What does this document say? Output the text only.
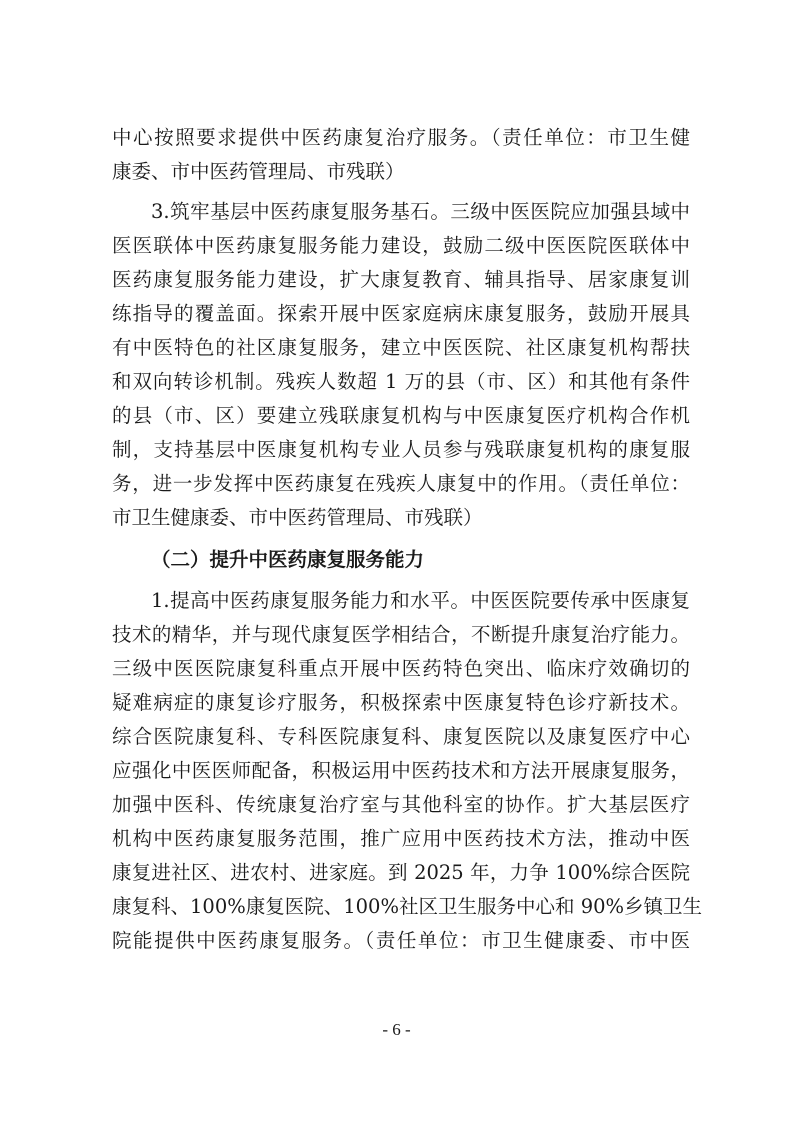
中心按照要求提供中医药康复治疗服务。（责任单位：市卫生健
康委、市中医药管理局、市残联）
3.筑牢基层中医药康复服务基石。三级中医医院应加强县域中
医医联体中医药康复服务能力建设，鼓励二级中医医院医联体中
医药康复服务能力建设，扩大康复教育、辅具指导、居家康复训
练指导的覆盖面。探索开展中医家庭病床康复服务，鼓励开展具
有中医特色的社区康复服务，建立中医医院、社区康复机构帮扶
和双向转诊机制。残疾人数超 1 万的县（市、区）和其他有条件
的县（市、区）要建立残联康复机构与中医康复医疗机构合作机
制，支持基层中医康复机构专业人员参与残联康复机构的康复服
务，进一步发挥中医药康复在残疾人康复中的作用。（责任单位：
市卫生健康委、市中医药管理局、市残联）
（二）提升中医药康复服务能力
1.提高中医药康复服务能力和水平。中医医院要传承中医康复
技术的精华，并与现代康复医学相结合，不断提升康复治疗能力。
三级中医医院康复科重点开展中医药特色突出、临床疗效确切的
疑难病症的康复诊疗服务，积极探索中医康复特色诊疗新技术。
综合医院康复科、专科医院康复科、康复医院以及康复医疗中心
应强化中医医师配备，积极运用中医药技术和方法开展康复服务，
加强中医科、传统康复治疗室与其他科室的协作。扩大基层医疗
机构中医药康复服务范围，推广应用中医药技术方法，推动中医
康复进社区、进农村、进家庭。到 2025 年，力争 100%综合医院
康复科、100%康复医院、100%社区卫生服务中心和 90%乡镇卫生
院能提供中医药康复服务。（责任单位：市卫生健康委、市中医
- 6 -
